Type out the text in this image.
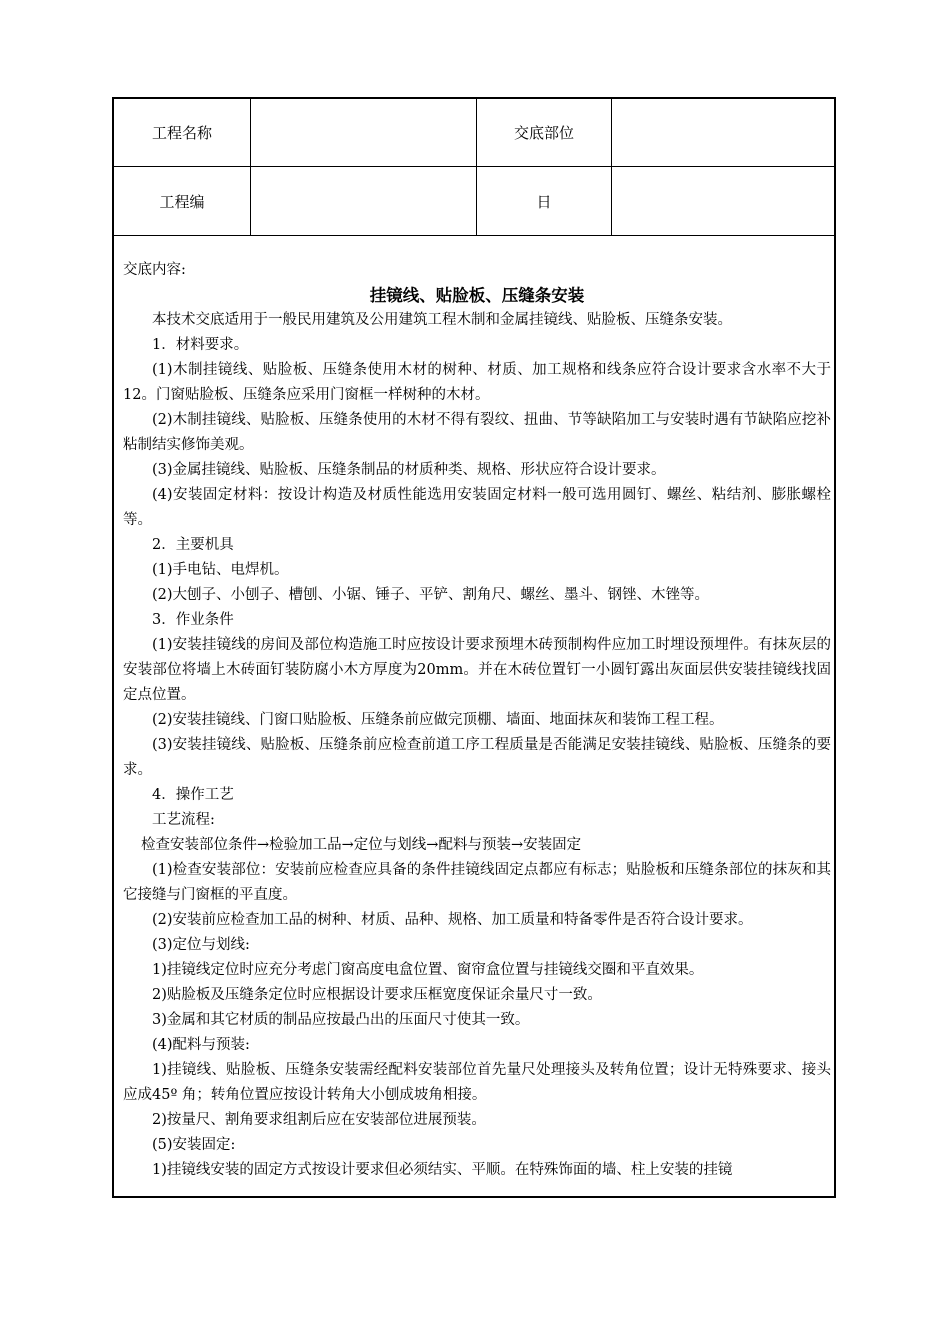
工程名称	交底部位
工程编	日

交底内容:

挂镜线、贴脸板、压缝条安装

本技术交底适用于一般民用建筑及公用建筑工程木制和金属挂镜线、贴脸板、压缝条安装。

1．材料要求。

(1)木制挂镜线、贴脸板、压缝条使用木材的树种、材质、加工规格和线条应符合设计要求含水率不大于12。门窗贴脸板、压缝条应采用门窗框一样树种的木材。

(2)木制挂镜线、贴脸板、压缝条使用的木材不得有裂纹、扭曲、节等缺陷加工与安装时遇有节缺陷应挖补粘制结实修饰美观。

(3)金属挂镜线、贴脸板、压缝条制品的材质种类、规格、形状应符合设计要求。

(4)安装固定材料：按设计构造及材质性能选用安装固定材料一般可选用圆钉、螺丝、粘结剂、膨胀螺栓等。

2．主要机具

(1)手电钻、电焊机。

(2)大刨子、小刨子、槽刨、小锯、锤子、平铲、割角尺、螺丝、墨斗、钢锉、木锉等。

3．作业条件

(1)安装挂镜线的房间及部位构造施工时应按设计要求预埋木砖预制构件应加工时埋设预埋件。有抹灰层的安装部位将墙上木砖面钉装防腐小木方厚度为20mm。并在木砖位置钉一小圆钉露出灰面层供安装挂镜线找固定点位置。

(2)安装挂镜线、门窗口贴脸板、压缝条前应做完顶棚、墙面、地面抹灰和装饰工程工程。

(3)安装挂镜线、贴脸板、压缝条前应检查前道工序工程质量是否能满足安装挂镜线、贴脸板、压缝条的要求。

4．操作工艺

工艺流程:

检查安装部位条件→检验加工品→定位与划线→配料与预装→安装固定

(1)检查安装部位：安装前应检查应具备的条件挂镜线固定点都应有标志；贴脸板和压缝条部位的抹灰和其它接缝与门窗框的平直度。

(2)安装前应检查加工品的树种、材质、品种、规格、加工质量和特备零件是否符合设计要求。

(3)定位与划线:

1)挂镜线定位时应充分考虑门窗高度电盒位置、窗帘盒位置与挂镜线交圈和平直效果。

2)贴脸板及压缝条定位时应根据设计要求压框宽度保证余量尺寸一致。

3)金属和其它材质的制品应按最凸出的压面尺寸使其一致。

(4)配料与预装:

1)挂镜线、贴脸板、压缝条安装需经配料安装部位首先量尺处理接头及转角位置；设计无特殊要求、接头应成45º 角；转角位置应按设计转角大小刨成坡角相接。

2)按量尺、割角要求组割后应在安装部位进展预装。

(5)安装固定:

1)挂镜线安装的固定方式按设计要求但必须结实、平顺。在特殊饰面的墙、柱上安装的挂镜
